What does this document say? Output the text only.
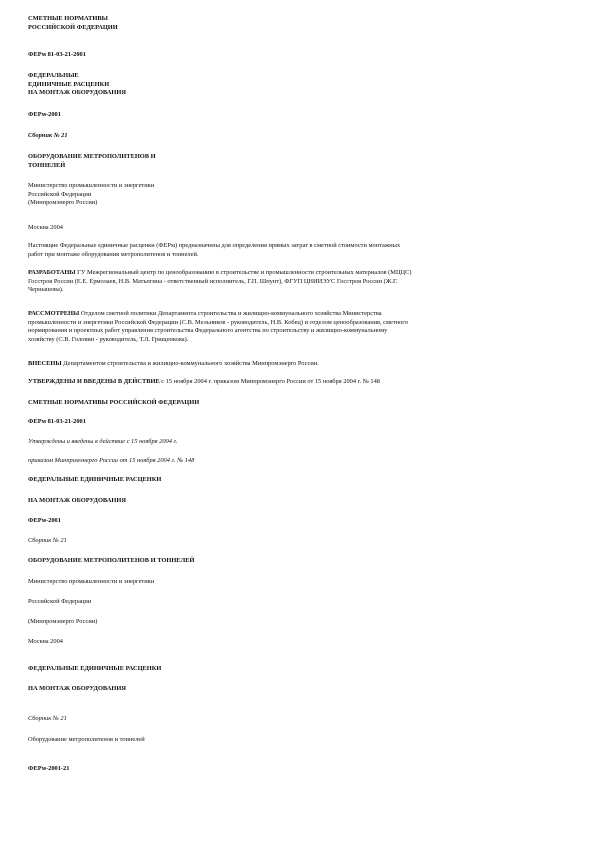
СМЕТНЫЕ НОРМАТИВЫ
РОССИЙСКОЙ ФЕДЕРАЦИИ
ФЕРм 81-03-21-2001
ФЕДЕРАЛЬНЫЕ
ЕДИНИЧНЫЕ РАСЦЕНКИ
НА МОНТАЖ ОБОРУДОВАНИЯ
ФЕРм-2001
Сборник № 21
ОБОРУДОВАНИЕ МЕТРОПОЛИТЕНОВ И
ТОННЕЛЕЙ
Министерство промышленности и энергетики
Российской Федерации
(Минпромэнерго России)
Москва 2004
Настоящие Федеральные единичные расценки (ФЕРм) предназначены для определения прямых затрат в сметной стоимости монтажных
работ при монтаже оборудования метрополитенов и тоннелей.
РАЗРАБОТАНЫ ГУ Межрегиональный центр по ценообразованию в строительстве и промышленности строительных материалов (МЦЦС)
Госстроя России (Е.Е. Ермолаев, Н.В. Матьпгина - ответственный исполнитель, Г.П. Шпунт), ФГУП ЦНИИЭУС Госстроя России (Ж.Г.
Чернышова).
РАССМОТРЕНЫ Отделом сметной политики Департамента строительства и жилищно-коммунального хозяйства Министерства
промышленности и энергетики Российской Федерации (С.В. Мельников - руководитель, Н.В. Кобец) и отделом ценообразования, сметного
нормирования и проектных работ управления строительства Федерального агентства по строительству и жилищно-коммунальному
хозяйству (С.В. Головин - руководитель, Т.Л. Грищенкова).
ВНЕСЕНЫ Департаментом строительства и жилищно-коммунального хозяйства Минпромэнерго России.
УТВЕРЖДЕНЫ И ВВЕДЕНЫ В ДЕЙСТВИЕ с 15 ноября 2004 г. приказом Минпромэнерго России от 15 ноября 2004 г. № 148
СМЕТНЫЕ НОРМАТИВЫ РОССИЙСКОЙ ФЕДЕРАЦИИ
ФЕРм 81-03-21-2001
Утверждены и введены в действие с 15 ноября 2004 г.
приказом Минпромэнерго России от 15 ноября 2004 г. № 148
ФЕДЕРАЛЬНЫЕ ЕДИНИЧНЫЕ РАСЦЕНКИ
НА МОНТАЖ ОБОРУДОВАНИЯ
ФЕРм-2001
Сборник № 21
ОБОРУДОВАНИЕ МЕТРОПОЛИТЕНОВ И ТОННЕЛЕЙ
Министерство промышленности и энергетики
Российской Федерации
(Минпромэнерго России)
Москва 2004
ФЕДЕРАЛЬНЫЕ ЕДИНИЧНЫЕ РАСЦЕНКИ
НА МОНТАЖ ОБОРУДОВАНИЯ
Сборник № 21
Оборудование метрополитенов и тоннелей
ФЕРм-2001-21
